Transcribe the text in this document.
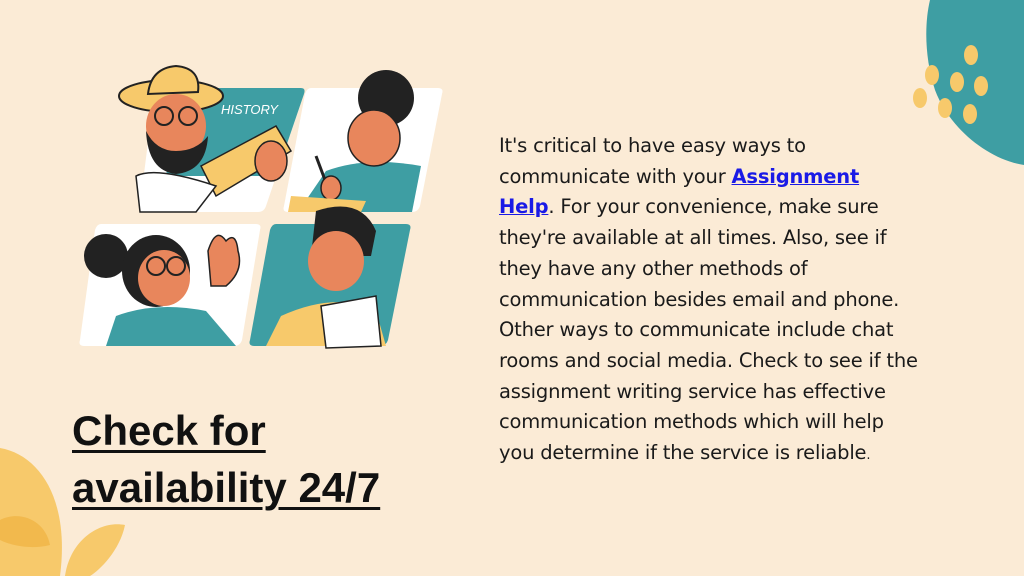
HISTORY
Check for
availability 24/7
It's critical to have easy ways to communicate with your Assignment Help. For your convenience, make sure they're available at all times. Also, see if they have any other methods of communication besides email and phone. Other ways to communicate include chat rooms and social media. Check to see if the assignment writing service has effective communication methods which will help you determine if the service is reliable.
